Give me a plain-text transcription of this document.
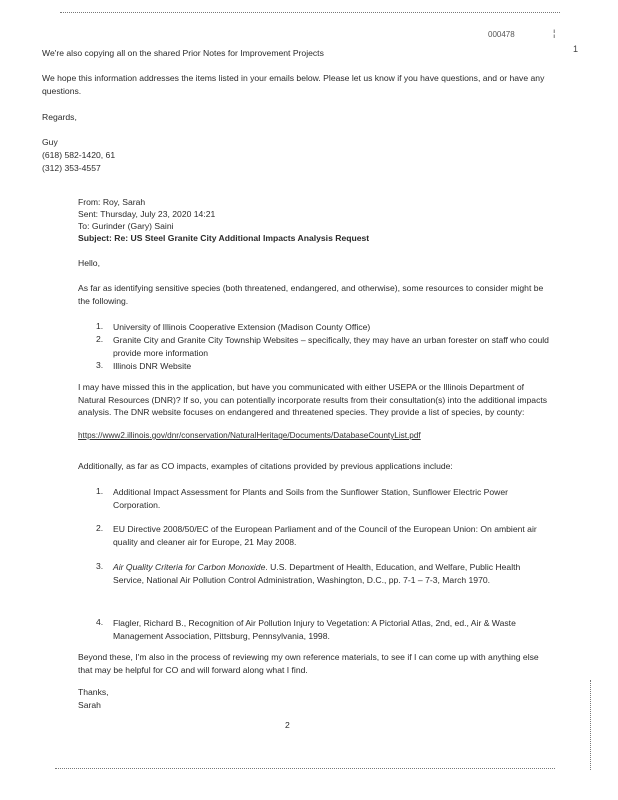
000478
1
¦
We're also copying all on the shared Prior Notes for Improvement Projects
We hope this information addresses the items listed in your emails below. Please let us know if you have questions, and or have any questions.
Regards,
Guy
(618) 582-1420, 61
(312) 353-4557
From: Roy, Sarah
Sent: Thursday, July 23, 2020 14:21
To: Gurinder (Gary) Saini
Subject: Re: US Steel Granite City Additional Impacts Analysis Request
Hello,
As far as identifying sensitive species (both threatened, endangered, and otherwise), some resources to consider might be the following.
1. University of Illinois Cooperative Extension (Madison County Office)
2. Granite City and Granite City Township Websites – specifically, they may have an urban forester on staff who could provide more information
3. Illinois DNR Website
I may have missed this in the application, but have you communicated with either USEPA or the Illinois Department of Natural Resources (DNR)? If so, you can potentially incorporate results from their consultation(s) into the additional impacts analysis. The DNR website focuses on endangered and threatened species. They provide a list of species, by county:
https://www2.illinois.gov/dnr/conservation/NaturalHeritage/Documents/DatabaseCountyList.pdf
Additionally, as far as CO impacts, examples of citations provided by previous applications include:
1. Additional Impact Assessment for Plants and Soils from the Sunflower Station, Sunflower Electric Power Corporation.
2. EU Directive 2008/50/EC of the European Parliament and of the Council of the European Union: On ambient air quality and cleaner air for Europe, 21 May 2008.
3. Air Quality Criteria for Carbon Monoxide. U.S. Department of Health, Education, and Welfare, Public Health Service, National Air Pollution Control Administration, Washington, D.C., pp. 7-1 – 7-3, March 1970.
4. Flagler, Richard B., Recognition of Air Pollution Injury to Vegetation: A Pictorial Atlas, 2nd, ed., Air & Waste Management Association, Pittsburg, Pennsylvania, 1998.
Beyond these, I'm also in the process of reviewing my own reference materials, to see if I can come up with anything else that may be helpful for CO and will forward along what I find.
Thanks,
Sarah
2
